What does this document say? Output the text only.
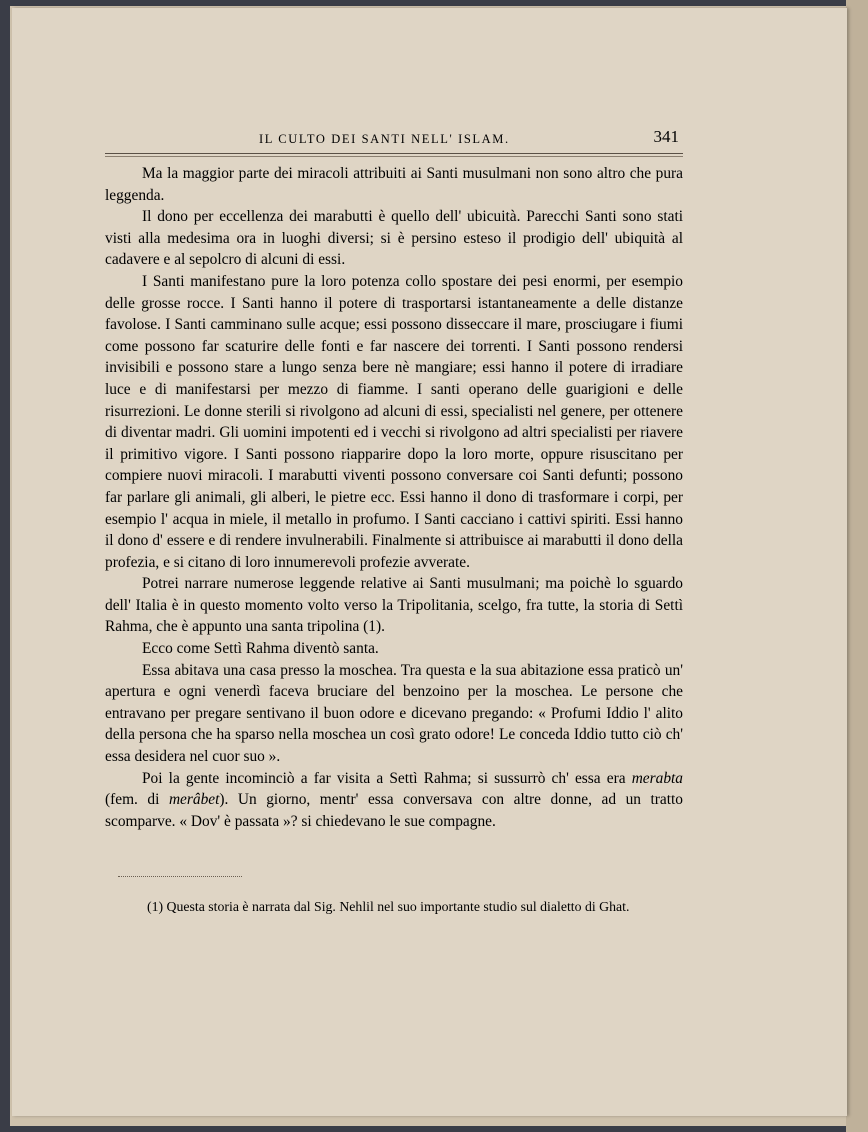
IL CULTO DEI SANTI NELL' ISLAM.	341

Ma la maggior parte dei miracoli attribuiti ai Santi musulmani non sono altro che pura leggenda.

Il dono per eccellenza dei marabutti è quello dell' ubicuità. Parecchi Santi sono stati visti alla medesima ora in luoghi diversi; si è persino esteso il prodigio dell' ubiquità al cadavere e al sepolcro di alcuni di essi.

I Santi manifestano pure la loro potenza collo spostare dei pesi enormi, per esempio delle grosse rocce. I Santi hanno il potere di trasportarsi istantaneamente a delle distanze favolose. I Santi camminano sulle acque; essi possono disseccare il mare, prosciugare i fiumi come possono far scaturire delle fonti e far nascere dei torrenti. I Santi possono rendersi invisibili e possono stare a lungo senza bere nè mangiare; essi hanno il potere di irradiare luce e di manifestarsi per mezzo di fiamme. I santi operano delle guarigioni e delle risurrezioni. Le donne sterili si rivolgono ad alcuni di essi, specialisti nel genere, per ottenere di diventar madri. Gli uomini impotenti ed i vecchi si rivolgono ad altri specialisti per riavere il primitivo vigore. I Santi possono riapparire dopo la loro morte, oppure risuscitano per compiere nuovi miracoli. I marabutti viventi possono conversare coi Santi defunti; possono far parlare gli animali, gli alberi, le pietre ecc. Essi hanno il dono di trasformare i corpi, per esempio l' acqua in miele, il metallo in profumo. I Santi cacciano i cattivi spiriti. Essi hanno il dono d' essere e di rendere invulnerabili. Finalmente si attribuisce ai marabutti il dono della profezia, e si citano di loro innumerevoli profezie avverate.

Potrei narrare numerose leggende relative ai Santi musulmani; ma poichè lo sguardo dell' Italia è in questo momento volto verso la Tripolitania, scelgo, fra tutte, la storia di Settì Rahma, che è appunto una santa tripolina (1).

Ecco come Settì Rahma diventò santa.

Essa abitava una casa presso la moschea. Tra questa e la sua abitazione essa praticò un' apertura e ogni venerdì faceva bruciare del benzoino per la moschea. Le persone che entravano per pregare sentivano il buon odore e dicevano pregando: « Profumi Iddio l' alito della persona che ha sparso nella moschea un così grato odore! Le conceda Iddio tutto ciò ch' essa desidera nel cuor suo ».

Poi la gente incominciò a far visita a Settì Rahma; si sussurrò ch' essa era merabta (fem. di merâbet). Un giorno, mentr' essa conversava con altre donne, ad un tratto scomparve. « Dov' è passata »? si chiedevano le sue compagne.

(1) Questa storia è narrata dal Sig. Nehlil nel suo importante studio sul dialetto di Ghat.
